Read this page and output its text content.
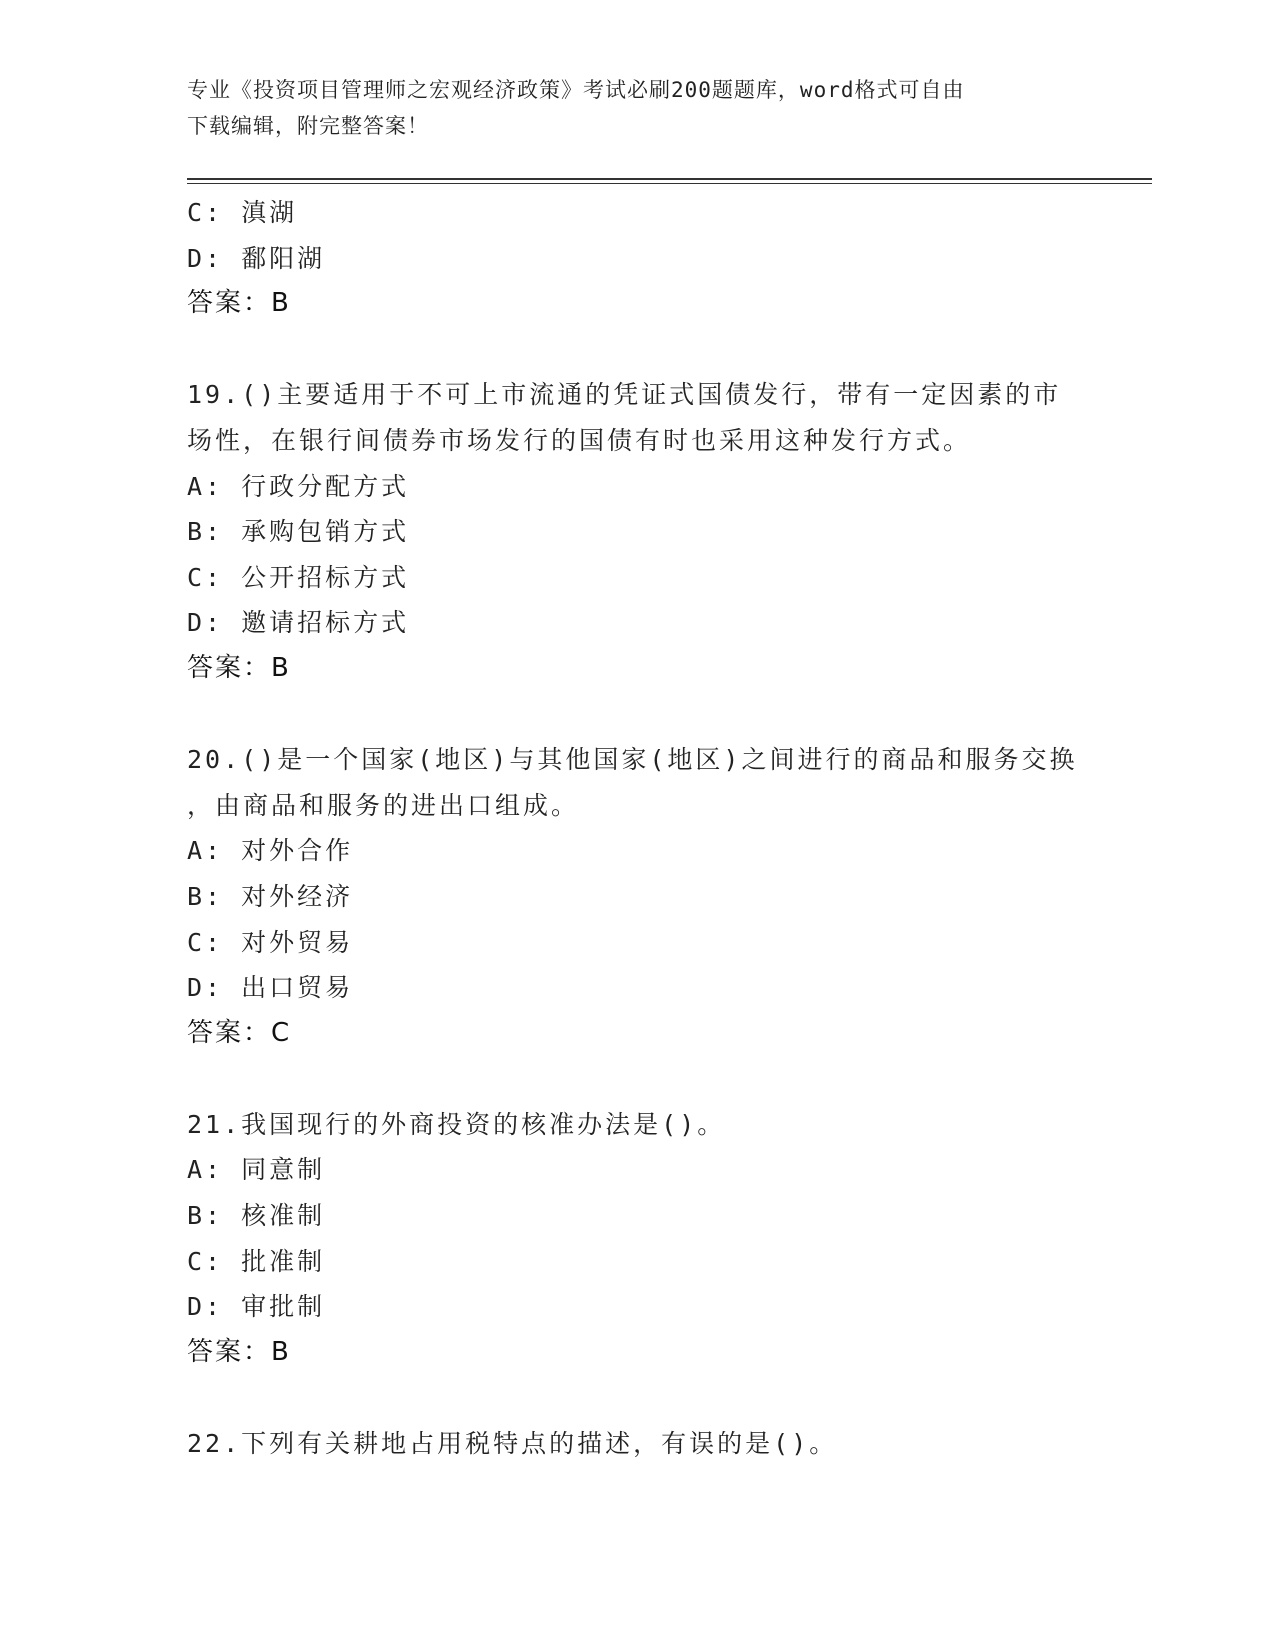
专业《投资项目管理师之宏观经济政策》考试必刷200题题库，word格式可自由
下载编辑，附完整答案！
C: 滇湖
D: 鄱阳湖
答案：B
19.()主要适用于不可上市流通的凭证式国债发行，带有一定因素的市
场性，在银行间债券市场发行的国债有时也采用这种发行方式。
A: 行政分配方式
B: 承购包销方式
C: 公开招标方式
D: 邀请招标方式
答案：B
20.()是一个国家(地区)与其他国家(地区)之间进行的商品和服务交换
，由商品和服务的进出口组成。
A: 对外合作
B: 对外经济
C: 对外贸易
D: 出口贸易
答案：C
21.我国现行的外商投资的核准办法是()。
A: 同意制
B: 核准制
C: 批准制
D: 审批制
答案：B
22.下列有关耕地占用税特点的描述，有误的是()。
